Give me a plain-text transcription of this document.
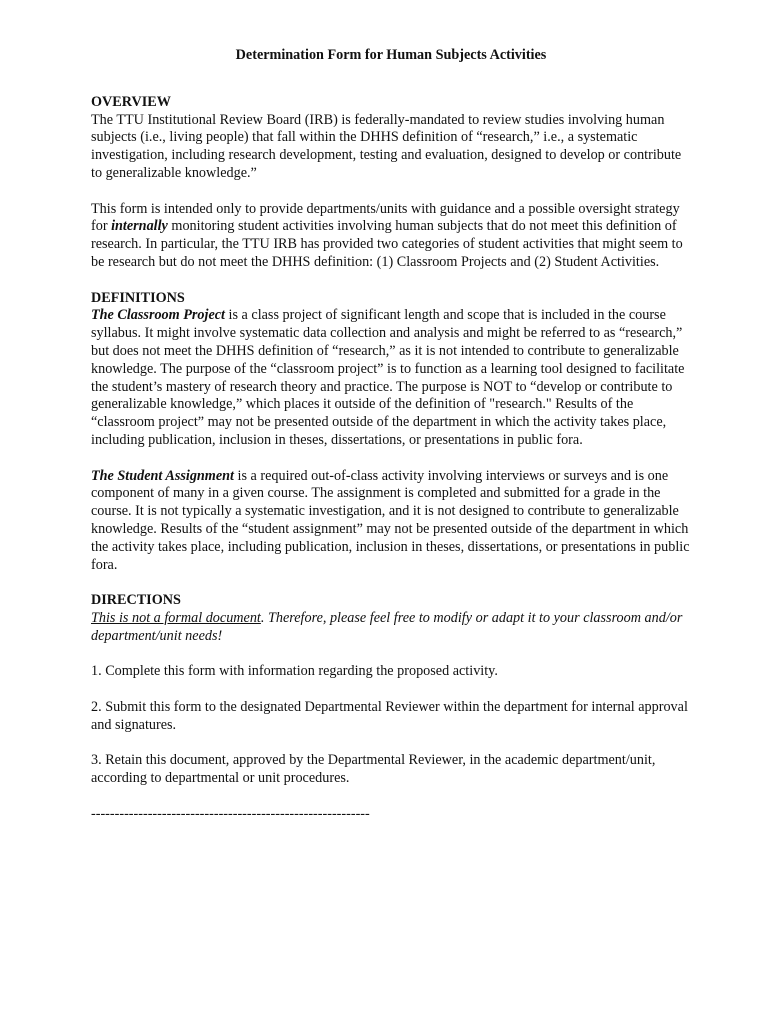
Determination Form for Human Subjects Activities
OVERVIEW

The TTU Institutional Review Board (IRB) is federally-mandated to review studies involving human subjects (i.e., living people) that fall within the DHHS definition of “research,” i.e., a systematic investigation, including research development, testing and evaluation, designed to develop or contribute to generalizable knowledge.”

This form is intended only to provide departments/units with guidance and a possible oversight strategy for internally monitoring student activities involving human subjects that do not meet this definition of research. In particular, the TTU IRB has provided two categories of student activities that might seem to be research but do not meet the DHHS definition: (1) Classroom Projects and (2) Student Activities.

DEFINITIONS

The Classroom Project is a class project of significant length and scope that is included in the course syllabus. It might involve systematic data collection and analysis and might be referred to as “research,” but does not meet the DHHS definition of “research,” as it is not intended to contribute to generalizable knowledge. The purpose of the “classroom project” is to function as a learning tool designed to facilitate the student’s mastery of research theory and practice. The purpose is NOT to “develop or contribute to generalizable knowledge,” which places it outside of the definition of "research." Results of the “classroom project” may not be presented outside of the department in which the activity takes place, including publication, inclusion in theses, dissertations, or presentations in public fora.

The Student Assignment is a required out-of-class activity involving interviews or surveys and is one component of many in a given course. The assignment is completed and submitted for a grade in the course. It is not typically a systematic investigation, and it is not designed to contribute to generalizable knowledge. Results of the “student assignment” may not be presented outside of the department in which the activity takes place, including publication, inclusion in theses, dissertations, or presentations in public fora.

DIRECTIONS

This is not a formal document. Therefore, please feel free to modify or adapt it to your classroom and/or department/unit needs!

1. Complete this form with information regarding the proposed activity.

2. Submit this form to the designated Departmental Reviewer within the department for internal approval and signatures.

3. Retain this document, approved by the Departmental Reviewer, in the academic department/unit, according to departmental or unit procedures.

-----------------------------------------------------------
